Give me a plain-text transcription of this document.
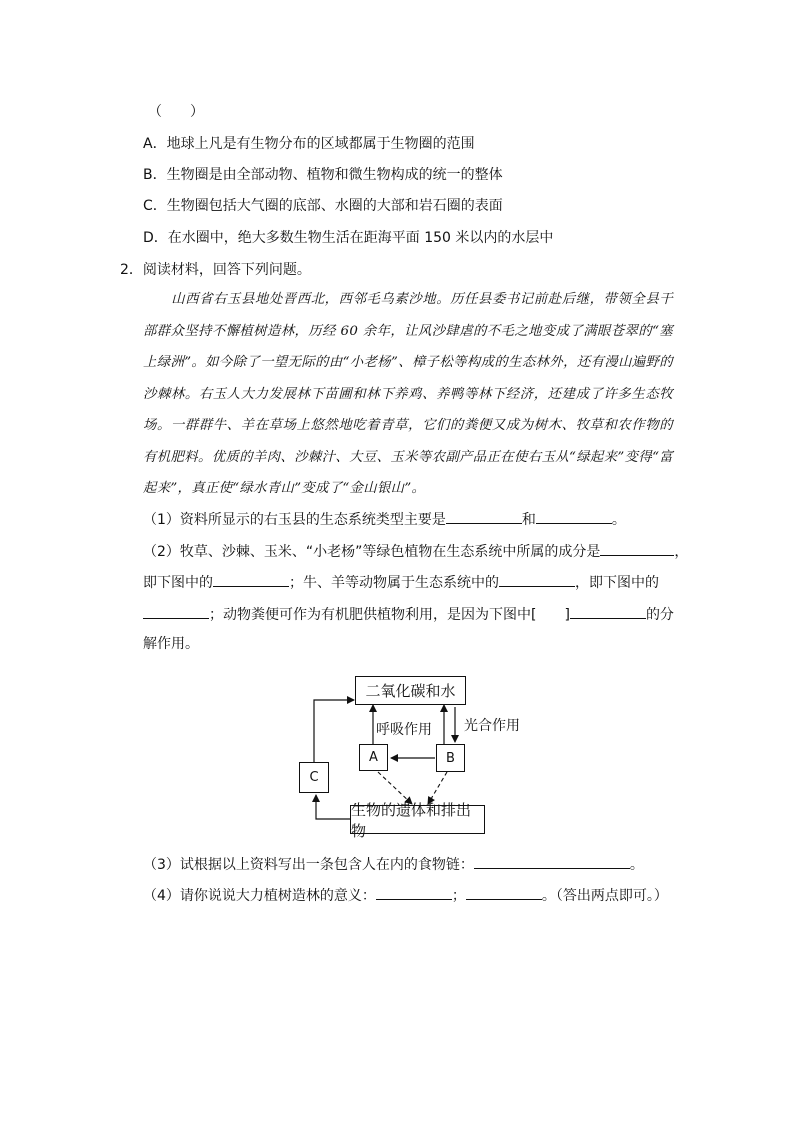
（　　）
A．地球上凡是有生物分布的区域都属于生物圈的范围
B．生物圈是由全部动物、植物和微生物构成的统一的整体
C．生物圈包括大气圈的底部、水圈的大部和岩石圈的表面
D．在水圈中，绝大多数生物生活在距海平面 150 米以内的水层中
2．阅读材料，回答下列问题。
山西省右玉县地处晋西北，西邻毛乌素沙地。历任县委书记前赴后继，带领全县干部群众坚持不懈植树造林，历经 60 余年，让风沙肆虐的不毛之地变成了满眼苍翠的“塞上绿洲”。如今除了一望无际的由“小老杨”、樟子松等构成的生态林外，还有漫山遍野的沙棘林。右玉人大力发展林下苗圃和林下养鸡、养鸭等林下经济，还建成了许多生态牧场。一群群牛、羊在草场上悠然地吃着青草，它们的粪便又成为树木、牧草和农作物的有机肥料。优质的羊肉、沙棘汁、大豆、玉米等农副产品正在使右玉从“绿起来”变得“富起来”，真正使“绿水青山”变成了“金山银山”。
（1）资料所显示的右玉县的生态系统类型主要是	和	。
（2）牧草、沙棘、玉米、“小老杨”等绿色植物在生态系统中所属的成分是	，
即下图中的	；牛、羊等动物属于生态系统中的	，即下图中的
；动物粪便可作为有机肥供植物利用，是因为下图中[　　]	的分
解作用。
二氧化碳和水
A	B
C
生物的遗体和排出物
呼吸作用 光合作用
（3）试根据以上资料写出一条包含人在内的食物链：	。
（4）请你说说大力植树造林的意义：	；	。（答出两点即可。）
